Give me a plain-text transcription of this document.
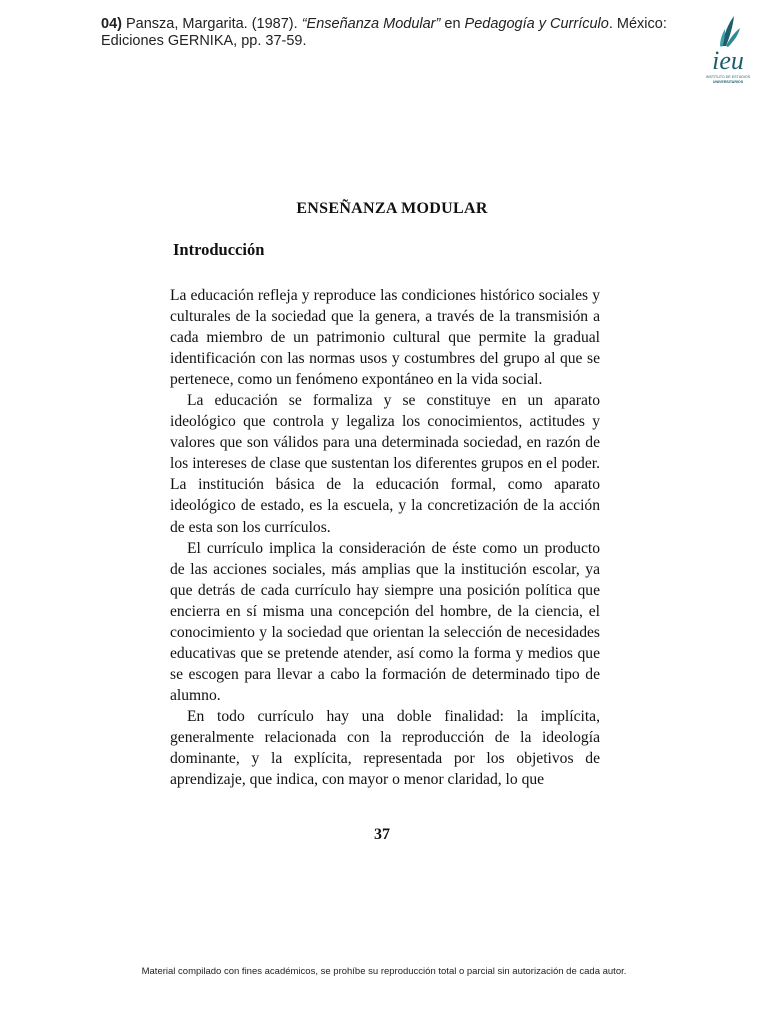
04) Pansza, Margarita. (1987). “Enseñanza Modular” en Pedagogía y Currículo. México: Ediciones GERNIKA, pp. 37-59.
ieu
INSTITUTO DE ESTUDIOS
UNIVERSITARIOS
ENSEÑANZA MODULAR
Introducción

La educación refleja y reproduce las condiciones histórico sociales y culturales de la sociedad que la genera, a través de la transmisión a cada miembro de un patrimonio cultural que permite la gradual identificación con las normas usos y costumbres del grupo al que se pertenece, como un fenómeno expontáneo en la vida social.

La educación se formaliza y se constituye en un aparato ideológico que controla y legaliza los conocimientos, actitudes y valores que son válidos para una determinada sociedad, en razón de los intereses de clase que sustentan los diferentes grupos en el poder. La institución básica de la educación formal, como aparato ideológico de estado, es la escuela, y la concretización de la acción de esta son los currículos.

El currículo implica la consideración de éste como un producto de las acciones sociales, más amplias que la institución escolar, ya que detrás de cada currículo hay siempre una posición política que encierra en sí misma una concepción del hombre, de la ciencia, el conocimiento y la sociedad que orientan la selección de necesidades educativas que se pretende atender, así como la forma y medios que se escogen para llevar a cabo la formación de determinado tipo de alumno.

En todo currículo hay una doble finalidad: la implícita, generalmente relacionada con la reproducción de la ideología dominante, y la explícita, representada por los objetivos de aprendizaje, que indica, con mayor o menor claridad, lo que

37
Material compilado con fines académicos, se prohíbe su reproducción total o parcial sin autorización de cada autor.
